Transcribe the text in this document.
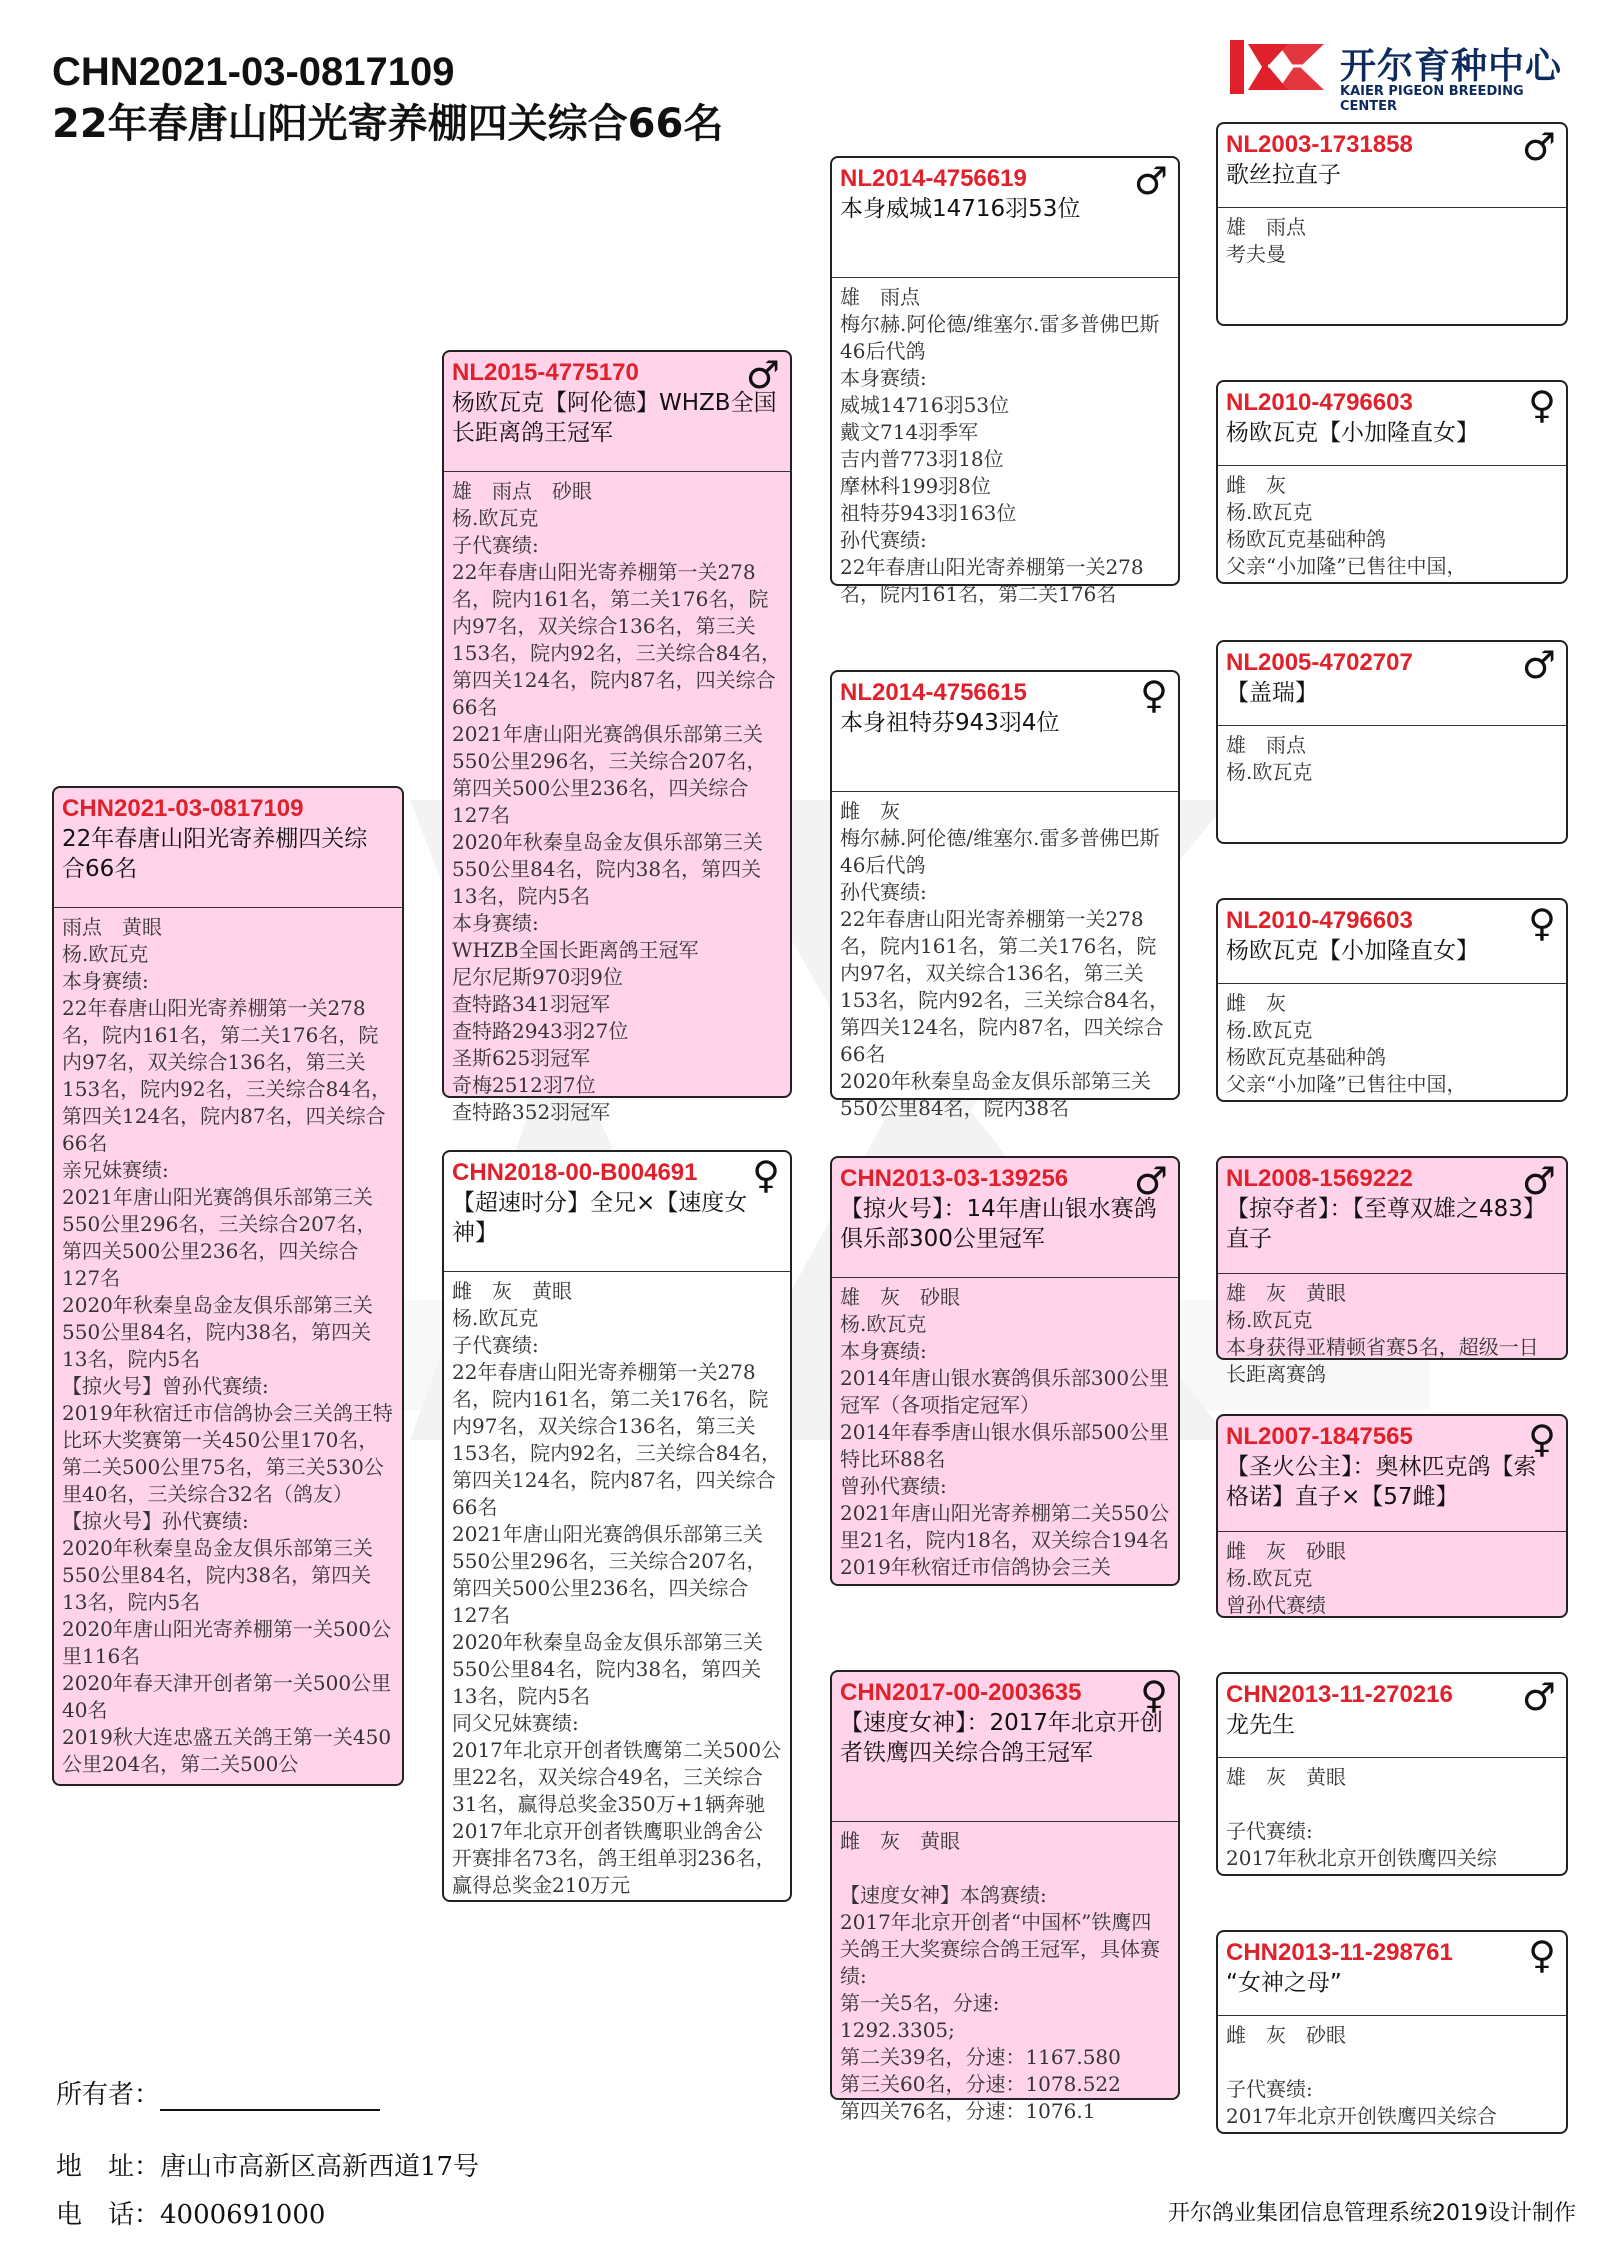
CHN2021-03-0817109
22年春唐山阳光寄养棚四关综合66名
开尔育种中心
KAIER PIGEON BREEDING CENTER
CHN2021-03-0817109
22年春唐山阳光寄养棚四关综合66名
雨点　黄眼
杨.欧瓦克
本身赛绩:
22年春唐山阳光寄养棚第一关278名，院内161名，第二关176名，院内97名，双关综合136名，第三关153名，院内92名，三关综合84名，第四关124名，院内87名，四关综合66名
亲兄妹赛绩:
2021年唐山阳光赛鸽俱乐部第三关550公里296名，三关综合207名，第四关500公里236名，四关综合127名
2020年秋秦皇岛金友俱乐部第三关550公里84名，院内38名，第四关13名，院内5名
【掠火号】曾孙代赛绩:
2019年秋宿迁市信鸽协会三关鸽王特比环大奖赛第一关450公里170名，第二关500公里75名，第三关530公里40名，三关综合32名（鸽友）
【掠火号】孙代赛绩:
2020年秋秦皇岛金友俱乐部第三关550公里84名，院内38名，第四关13名，院内5名
2020年唐山阳光寄养棚第一关500公里116名
2020年春天津开创者第一关500公里40名
2019秋大连忠盛五关鸽王第一关450公里204名，第二关500公
NL2015-4775170	♂
杨欧瓦克【阿伦德】WHZB全国长距离鸽王冠军
雄　雨点　砂眼
杨.欧瓦克
子代赛绩:
22年春唐山阳光寄养棚第一关278名，院内161名，第二关176名，院内97名，双关综合136名，第三关153名，院内92名，三关综合84名，第四关124名，院内87名，四关综合66名
2021年唐山阳光赛鸽俱乐部第三关550公里296名，三关综合207名，第四关500公里236名，四关综合127名
2020年秋秦皇岛金友俱乐部第三关550公里84名，院内38名，第四关13名，院内5名
本身赛绩:
WHZB全国长距离鸽王冠军
尼尔尼斯970羽9位
查特路341羽冠军
查特路2943羽27位
圣斯625羽冠军
奇梅2512羽7位
查特路352羽冠军
CHN2018-00-B004691	♀
【超速时分】全兄×【速度女神】
雌　灰　黄眼
杨.欧瓦克
子代赛绩:
22年春唐山阳光寄养棚第一关278名，院内161名，第二关176名，院内97名，双关综合136名，第三关153名，院内92名，三关综合84名，第四关124名，院内87名，四关综合66名
2021年唐山阳光赛鸽俱乐部第三关550公里296名，三关综合207名，第四关500公里236名，四关综合127名
2020年秋秦皇岛金友俱乐部第三关550公里84名，院内38名，第四关13名，院内5名
同父兄妹赛绩:
2017年北京开创者铁鹰第二关500公里22名，双关综合49名，三关综合31名，赢得总奖金350万+1辆奔驰
2017年北京开创者铁鹰职业鸽舍公开赛排名73名，鸽王组单羽236名，赢得总奖金210万元
NL2014-4756619	♂
本身威城14716羽53位
雄　雨点
梅尔赫.阿伦德/维塞尔.雷多普佛巴斯46后代鸽
本身赛绩:
威城14716羽53位
戴文714羽季军
吉内普773羽18位
摩林科199羽8位
祖特芬943羽163位
孙代赛绩:
22年春唐山阳光寄养棚第一关278名，院内161名，第二关176名
NL2014-4756615	♀
本身祖特芬943羽4位
雌　灰
梅尔赫.阿伦德/维塞尔.雷多普佛巴斯46后代鸽
孙代赛绩:
22年春唐山阳光寄养棚第一关278名，院内161名，第二关176名，院内97名，双关综合136名，第三关153名，院内92名，三关综合84名，第四关124名，院内87名，四关综合66名
2020年秋秦皇岛金友俱乐部第三关550公里84名，院内38名
CHN2013-03-139256	♂
【掠火号】：14年唐山银水赛鸽俱乐部300公里冠军
雄　灰　砂眼
杨.欧瓦克
本身赛绩:
2014年唐山银水赛鸽俱乐部300公里冠军（各项指定冠军）
2014年春季唐山银水俱乐部500公里特比环88名
曾孙代赛绩:
2021年唐山阳光寄养棚第二关550公里21名，院内18名，双关综合194名
2019年秋宿迁市信鸽协会三关
CHN2017-00-2003635	♀
【速度女神】：2017年北京开创者铁鹰四关综合鸽王冠军
雌　灰　黄眼
【速度女神】本鸽赛绩:
2017年北京开创者“中国杯”铁鹰四关鸽王大奖赛综合鸽王冠军，具体赛绩:
第一关5名，分速:
1292.3305;
第二关39名，分速：1167.580
第三关60名，分速：1078.522
第四关76名，分速：1076.1
NL2003-1731858	♂
歌丝拉直子
雄　雨点
考夫曼
NL2010-4796603	♀
杨欧瓦克【小加隆直女】
雌　灰
杨.欧瓦克
杨欧瓦克基础种鸽
父亲“小加隆”已售往中国，
NL2005-4702707	♂
【盖瑞】
雄　雨点
杨.欧瓦克
NL2010-4796603	♀
杨欧瓦克【小加隆直女】
雌　灰
杨.欧瓦克
杨欧瓦克基础种鸽
父亲“小加隆”已售往中国，
NL2008-1569222	♂
【掠夺者】：【至尊双雄之483】直子
雄　灰　黄眼
杨.欧瓦克
本身获得亚精顿省赛5名，超级一日长距离赛鸽
NL2007-1847565	♀
【圣火公主】：奥林匹克鸽【索格诺】直子×【57雌】
雌　灰　砂眼
杨.欧瓦克
曾孙代赛绩
CHN2013-11-270216	♂
龙先生
雄　灰　黄眼
子代赛绩:
2017年秋北京开创铁鹰四关综
CHN2013-11-298761	♀
“女神之母”
雌　灰　砂眼
子代赛绩:
2017年北京开创铁鹰四关综合
所有者：
地　址：唐山市高新区高新西道17号
电　话：4000691000	开尔鸽业集团信息管理系统2019设计制作
